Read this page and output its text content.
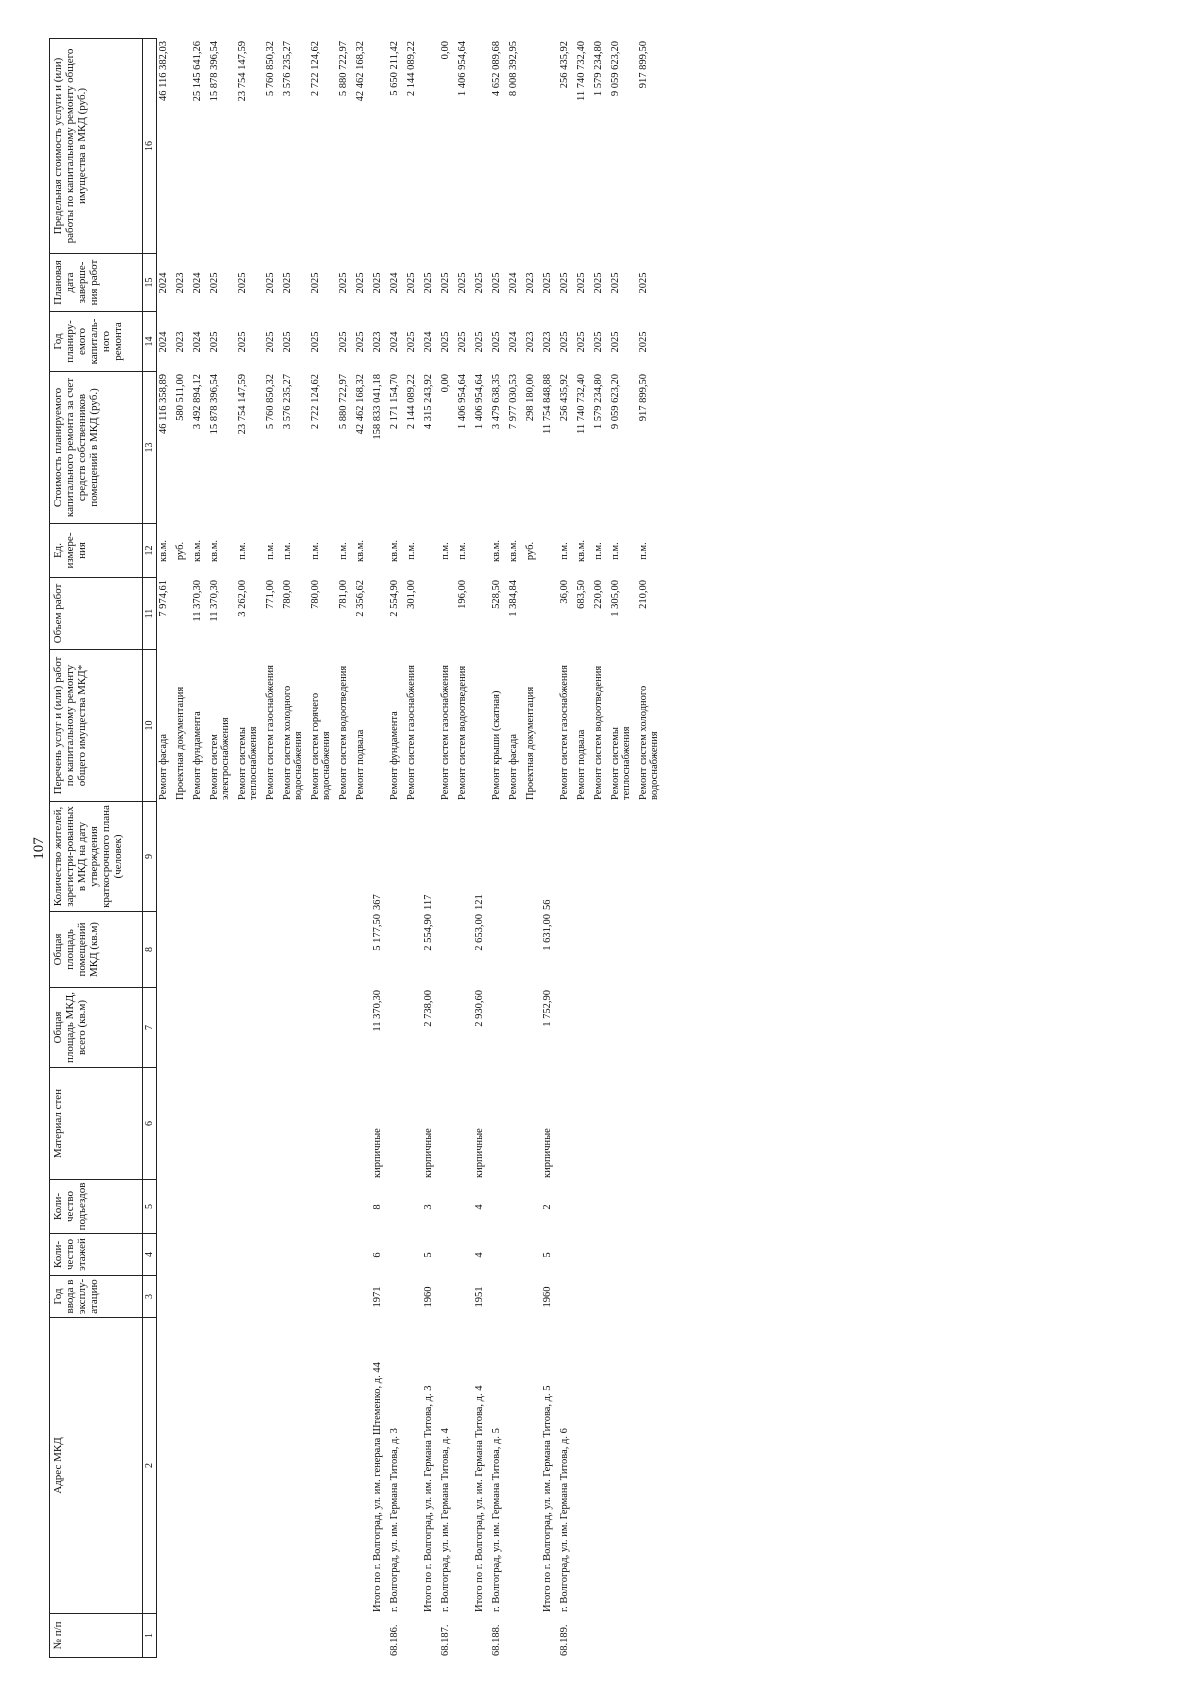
107
№ п/п	Адрес МКД	Год ввода в эксплу-атацию	Коли-чество этажей	Коли-чество подъездов	Материал стен	Общая площадь МКД, всего (кв.м)	Общая площадь помещений МКД (кв.м)	Количество жителей, зарегистри-рованных в МКД на дату утверждения краткосрочного плана (человек)	Перечень услуг и (или) работ по капитальному ремонту общего имущества МКД*	Объем работ	Ед. измере-ния	Стоимость планируемого капитального ремонта за счет средств собственников помещений в МКД (руб.)	Год планиру-емого капиталь-ного ремонта	Плановая дата заверше-ния работ	Предельная стоимость услуги и (или) работы по капитальному ремонту общего имущества в МКД (руб.)
1	2	3	4	5	6	7	8	9	10	11	12	13	14	15	16
									Ремонт фасада	7 974,61	кв.м.	46 116 358,89	2024	2024	46 116 382,03

									Проектная документация		руб.	580 511,00	2023	2023	

									Ремонт фундамента	11 370,30	кв.м.	3 492 894,12	2024	2024	25 145 641,26

									Ремонт систем электроснабжения	11 370,30	кв.м.	15 878 396,54	2025	2025	15 878 396,54

									Ремонт системы теплоснабжения	3 262,00	п.м.	23 754 147,59	2025	2025	23 754 147,59

									Ремонт систем газоснабжения	771,00	п.м.	5 760 850,32	2025	2025	5 760 850,32

									Ремонт систем холодного водоснабжения	780,00	п.м.	3 576 235,27	2025	2025	3 576 235,27

									Ремонт систем горячего водоснабжения	780,00	п.м.	2 722 124,62	2025	2025	2 722 124,62

									Ремонт систем водоотведения	781,00	п.м.	5 880 722,97	2025	2025	5 880 722,97

									Ремонт подвала	2 356,62	кв.м.	42 462 168,32	2025	2025	42 462 168,32

	Итого по г. Волгоград, ул. им. генерала Штеменко, д. 44	1971	6	8	кирпичные	11 370,30	5 177,50	367				158 833 041,18	2023	2025	

68.186.	г. Волгоград, ул. им. Германа Титова, д. 3								Ремонт фундамента	2 554,90	кв.м.	2 171 154,70	2024	2024	5 650 211,42

									Ремонт систем газоснабжения	301,00	п.м.	2 144 089,22	2025	2025	2 144 089,22

	Итого по г. Волгоград, ул. им. Германа Титова, д. 3	1960	5	3	кирпичные	2 738,00	2 554,90	117				4 315 243,92	2024	2025	

68.187.	г. Волгоград, ул. им. Германа Титова, д. 4								Ремонт систем газоснабжения		п.м.	0,00	2025	2025	0,00

									Ремонт систем водоотведения	196,00	п.м.	1 406 954,64	2025	2025	1 406 954,64

	Итого по г. Волгоград, ул. им. Германа Титова, д. 4	1951	4	4	кирпичные	2 930,60	2 653,00	121				1 406 954,64	2025	2025	

68.188.	г. Волгоград, ул. им. Германа Титова, д. 5								Ремонт крыши (скатная)	528,50	кв.м.	3 479 638,35	2025	2025	4 652 089,68

									Ремонт фасада	1 384,84	кв.м.	7 977 030,53	2024	2024	8 008 392,95

									Проектная документация		руб.	298 180,00	2023	2023	

	Итого по г. Волгоград, ул. им. Германа Титова, д. 5	1960	5	2	кирпичные	1 752,90	1 631,00	56				11 754 848,88	2023	2025	

68.189.	г. Волгоград, ул. им. Германа Титова, д. 6								Ремонт систем газоснабжения	36,00	п.м.	256 435,92	2025	2025	256 435,92

									Ремонт подвала	683,50	кв.м.	11 740 732,40	2025	2025	11 740 732,40

									Ремонт систем водоотведения	220,00	п.м.	1 579 234,80	2025	2025	1 579 234,80

									Ремонт системы теплоснабжения	1 305,00	п.м.	9 059 623,20	2025	2025	9 059 623,20

									Ремонт систем холодного водоснабжения	210,00	п.м.	917 899,50	2025	2025	917 899,50
